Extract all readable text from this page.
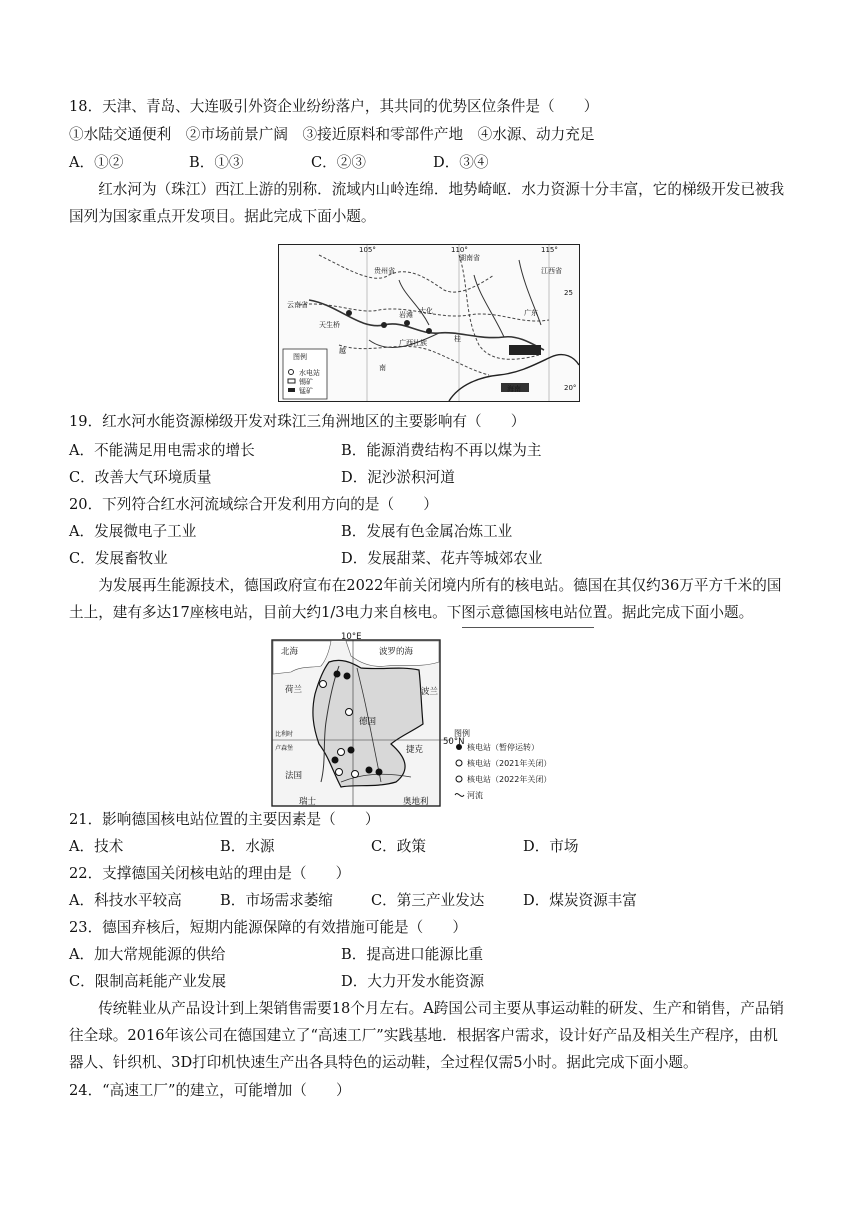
18．天津、青岛、大连吸引外资企业纷纷落户，其共同的优势区位条件是（　　）
①水陆交通便利　②市场前景广阔　③接近原料和零部件产地　④水源、动力充足
A．①②	B．①③	C．②③	D．③④
红水河为（珠江）西江上游的别称．流域内山岭连绵．地势崎岖．水力资源十分丰富，它的梯级开发已被我国列为国家重点开发项目。据此完成下面小题。
105°	110°	115°
25
20°
贵州省
湖南省
江西省
云南省
广西壮族
广东
南
越
海南
天生桥
岩滩 大化
桂
图例
水电站
锡矿
锰矿
19．红水河水能资源梯级开发对珠江三角洲地区的主要影响有（　　）
A．不能满足用电需求的增长	B．能源消费结构不再以煤为主
C．改善大气环境质量	D．泥沙淤积河道
20．下列符合红水河流域综合开发利用方向的是（　　）
A．发展微电子工业	B．发展有色金属冶炼工业
C．发展畜牧业	D．发展甜菜、花卉等城郊农业
为发展再生能源技术，德国政府宣布在2022年前关闭境内所有的核电站。德国在其仅约36万平方千米的国土上，建有多达17座核电站，目前大约1/3电力来自核电。下图示意德国核电站位置。据此完成下面小题。
图例
核电站（暂停运转）
核电站（2021年关闭）
核电站（2022年关闭）
河流
10°E
50°N
北海	波罗的海
荷兰	波兰
德国
比利时
卢森堡	捷克
法国
瑞士	奥地利
21．影响德国核电站位置的主要因素是（　　）
A．技术	B．水源	C．政策	D．市场
22．支撑德国关闭核电站的理由是（　　）
A．科技水平较高	B．市场需求萎缩	C．第三产业发达	D．煤炭资源丰富
23．德国弃核后，短期内能源保障的有效措施可能是（　　）
A．加大常规能源的供给	B．提高进口能源比重
C．限制高耗能产业发展	D．大力开发水能资源
传统鞋业从产品设计到上架销售需要18个月左右。A跨国公司主要从事运动鞋的研发、生产和销售，产品销往全球。2016年该公司在德国建立了“高速工厂”实践基地．根据客户需求，设计好产品及相关生产程序，由机器人、针织机、3D打印机快速生产出各具特色的运动鞋，全过程仅需5小时。据此完成下面小题。
24．“高速工厂”的建立，可能增加（　　）
